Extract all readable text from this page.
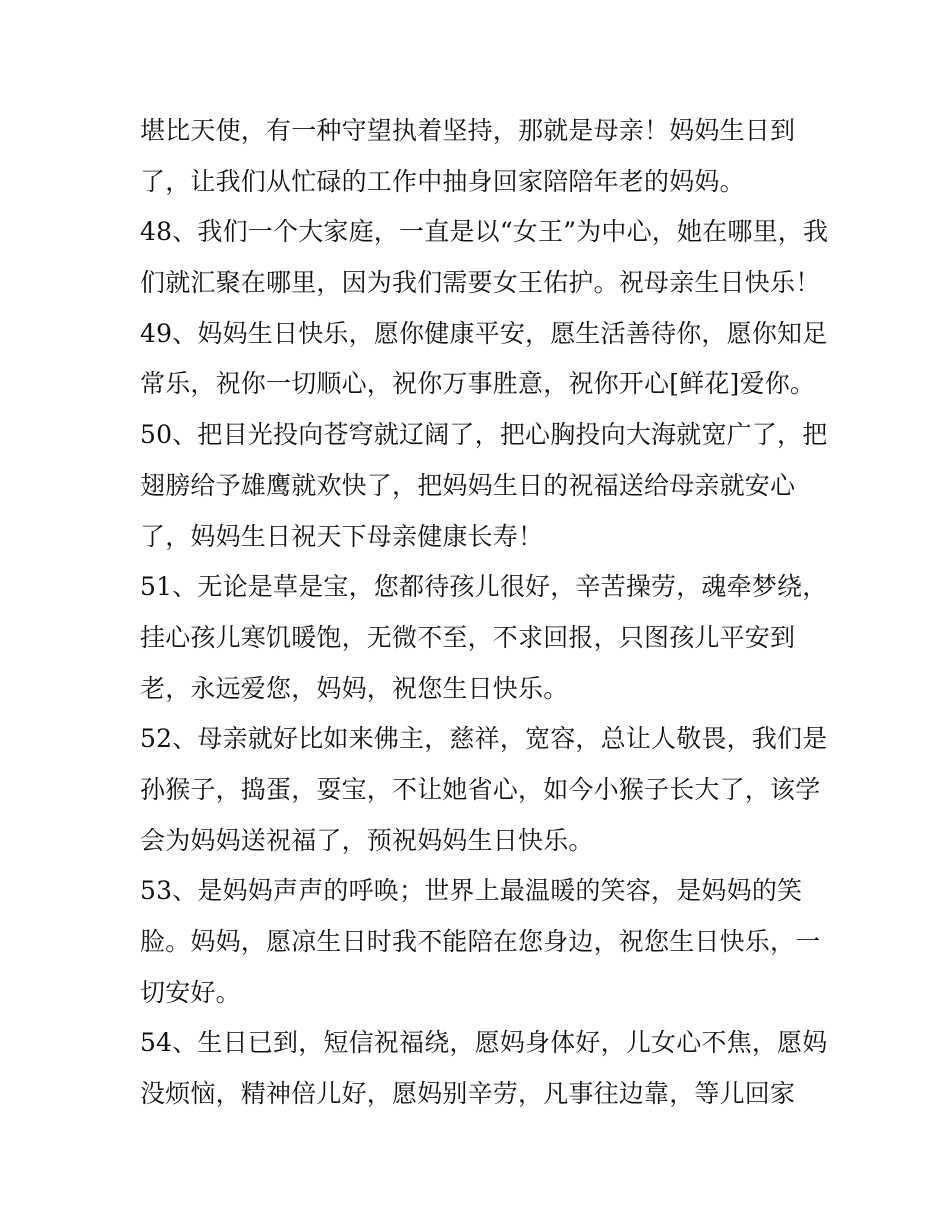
堪比天使，有一种守望执着坚持，那就是母亲！妈妈生日到
了，让我们从忙碌的工作中抽身回家陪陪年老的妈妈。
48、我们一个大家庭，一直是以“女王”为中心，她在哪里，我
们就汇聚在哪里，因为我们需要女王佑护。祝母亲生日快乐！
49、妈妈生日快乐，愿你健康平安，愿生活善待你，愿你知足
常乐，祝你一切顺心，祝你万事胜意，祝你开心[鲜花]爱你。
50、把目光投向苍穹就辽阔了，把心胸投向大海就宽广了，把
翅膀给予雄鹰就欢快了，把妈妈生日的祝福送给母亲就安心
了，妈妈生日祝天下母亲健康长寿！
51、无论是草是宝，您都待孩儿很好，辛苦操劳，魂牵梦绕，
挂心孩儿寒饥暖饱，无微不至，不求回报，只图孩儿平安到
老，永远爱您，妈妈，祝您生日快乐。
52、母亲就好比如来佛主，慈祥，宽容，总让人敬畏，我们是
孙猴子，捣蛋，耍宝，不让她省心，如今小猴子长大了，该学
会为妈妈送祝福了，预祝妈妈生日快乐。
53、是妈妈声声的呼唤；世界上最温暖的笑容，是妈妈的笑
脸。妈妈，愿凉生日时我不能陪在您身边，祝您生日快乐，一
切安好。
54、生日已到，短信祝福绕，愿妈身体好，儿女心不焦，愿妈
没烦恼，精神倍儿好，愿妈别辛劳，凡事往边靠，等儿回家
